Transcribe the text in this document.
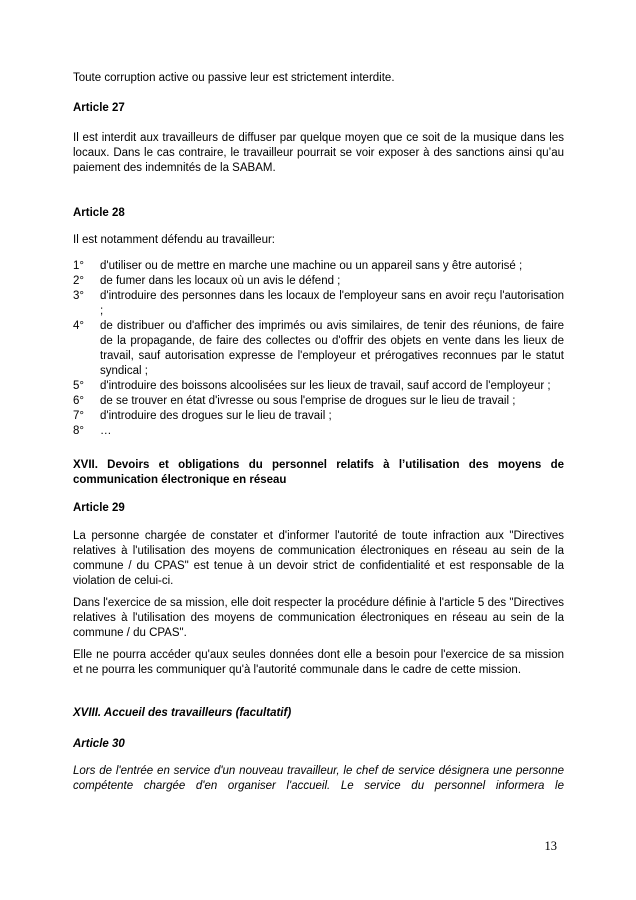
Toute corruption active ou passive leur est strictement interdite.

Article 27

Il est interdit aux travailleurs de diffuser par quelque moyen que ce soit de la musique dans les locaux. Dans le cas contraire, le travailleur pourrait se voir exposer à des sanctions ainsi qu’au paiement des indemnités de la SABAM.

Article 28

Il est notamment défendu au travailleur:

1°	d'utiliser ou de mettre en marche une machine ou un appareil sans y être autorisé ;
2°	de fumer dans les locaux où un avis le défend ;
3°	d'introduire des personnes dans les locaux de l'employeur sans en avoir reçu l'autorisation ;
4°	de distribuer ou d'afficher des imprimés ou avis similaires, de tenir des réunions, de faire de la propagande, de faire des collectes ou d'offrir des objets en vente dans les lieux de travail, sauf autorisation expresse de l'employeur et prérogatives reconnues par le statut syndical ;
5°	d'introduire des boissons alcoolisées sur les lieux de travail, sauf accord de l'employeur ;
6°	de se trouver en état d'ivresse ou sous l'emprise de drogues sur le lieu de travail ;
7°	d'introduire des drogues sur le lieu de travail ;
8°	…
XVII. Devoirs et obligations du personnel relatifs à l’utilisation des moyens de communication électronique en réseau
Article 29

La personne chargée de constater et d'informer l'autorité de toute infraction aux "Directives relatives à l'utilisation des moyens de communication électroniques en réseau au sein de la commune / du CPAS" est tenue à un devoir strict de confidentialité et est responsable de la violation de celui-ci.

Dans l'exercice de sa mission, elle doit respecter la procédure définie à l'article 5 des "Directives relatives à l'utilisation des moyens de communication électroniques en réseau au sein de la commune / du CPAS".

Elle ne pourra accéder qu'aux seules données dont elle a besoin pour l'exercice de sa mission et ne pourra les communiquer qu'à l'autorité communale dans le cadre de cette mission.

XVIII. Accueil des travailleurs (facultatif)
Article 30

Lors de l'entrée en service d'un nouveau travailleur, le chef de service désignera une personne compétente chargée d'en organiser l'accueil. Le service du personnel informera le

13
